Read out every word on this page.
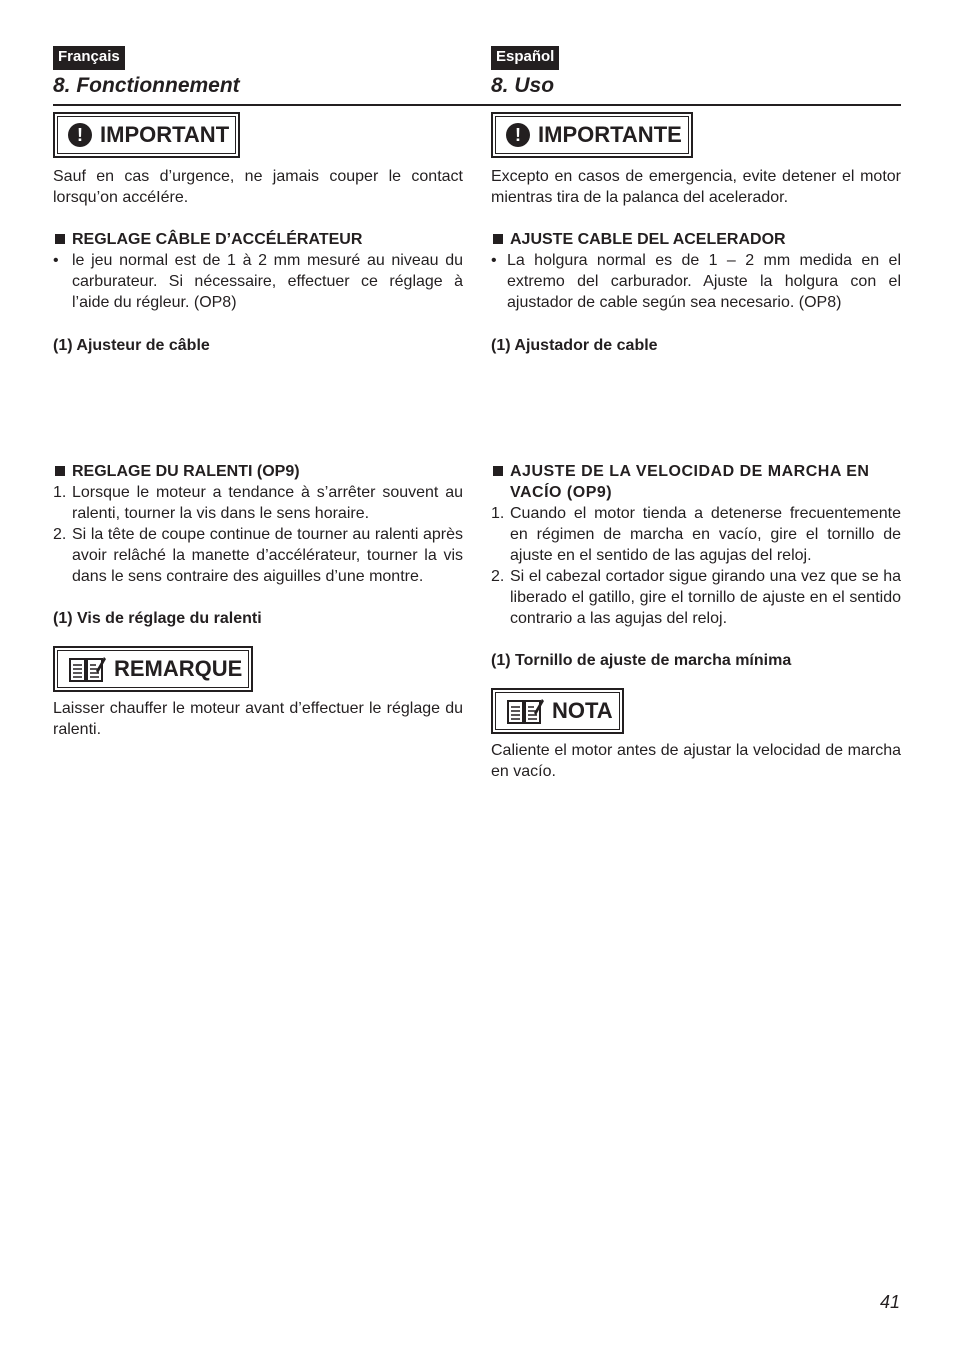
Français
8. Fonctionnement
! IMPORTANT

Sauf en cas d’urgence, ne jamais couper le contact lorsqu’on accéIére.

REGLAGE CÂBLE D’ACCÉLÉRATEUR
• le jeu normal est de 1 à 2 mm mesuré au niveau du carburateur. Si nécessaire, effectuer ce réglage à l’aide du régleur. (OP8)

(1) Ajusteur de câble

REGLAGE DU RALENTI (OP9)
1. Lorsque le moteur a tendance à s’arrêter souvent au ralenti, tourner la vis dans le sens horaire.
2. Si la tête de coupe continue de tourner au ralenti après avoir relâché la manette d’accélérateur, tourner la vis dans le sens contraire des aiguilles d’une montre.

(1) Vis de réglage du ralenti

REMARQUE

Laisser chauffer le moteur avant d’effectuer le réglage du ralenti.

Español
8. Uso
! IMPORTANTE

Excepto en casos de emergencia, evite detener el motor mientras tira de la palanca del acelerador.

AJUSTE CABLE DEL ACELERADOR
• La holgura normal es de 1 – 2 mm medida en el extremo del carburador. Ajuste la holgura con el ajustador de cable según sea necesario. (OP8)

(1) Ajustador de cable

AJUSTE DE LA VELOCIDAD DE MARCHA EN VACÍO (OP9)
1. Cuando el motor tienda a detenerse frecuentemente en régimen de marcha en vacío, gire el tornillo de ajuste en el sentido de las agujas del reloj.
2. Si el cabezal cortador sigue girando una vez que se ha liberado el gatillo, gire el tornillo de ajuste en el sentido contrario a las agujas del reloj.

(1) Tornillo de ajuste de marcha mínima

NOTA

Caliente el motor antes de ajustar la velocidad de marcha en vacío.

41
